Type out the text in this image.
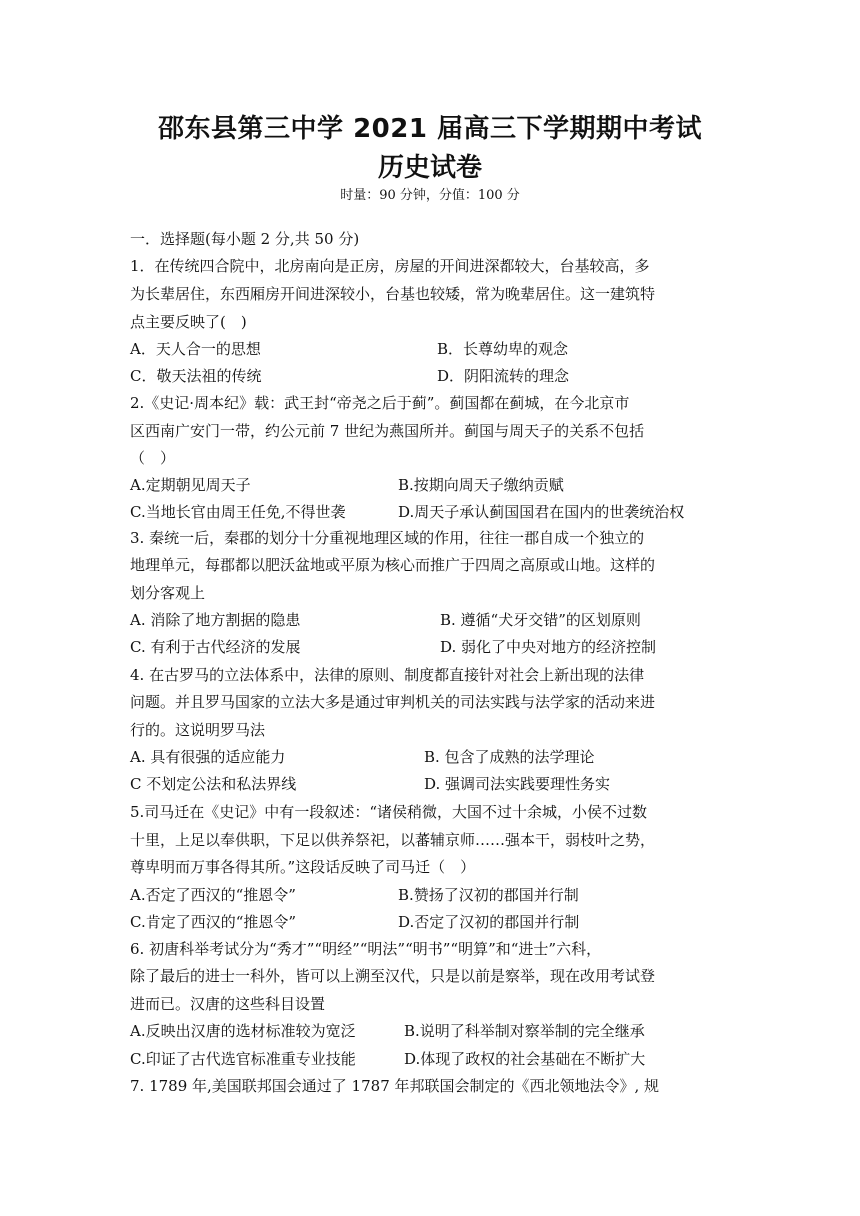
邵东县第三中学 2021 届高三下学期期中考试
历史试卷
时量：90 分钟，分值：100 分
一．选择题(每小题 2 分,共 50 分)
1．在传统四合院中，北房南向是正房，房屋的开间进深都较大，台基较高，多
为长辈居住，东西厢房开间进深较小，台基也较矮，常为晚辈居住。这一建筑特
点主要反映了(　)
A．天人合一的思想	B．长尊幼卑的观念
C．敬天法祖的传统	D．阴阳流转的理念
2.《史记·周本纪》载：武王封“帝尧之后于蓟”。蓟国都在蓟城，在今北京市
区西南广安门一带，约公元前 7 世纪为燕国所并。蓟国与周天子的关系不包括
（　）
A.定期朝见周天子	B.按期向周天子缴纳贡赋
C.当地长官由周王任免,不得世袭	D.周天子承认蓟国国君在国内的世袭统治权
3. 秦统一后，秦郡的划分十分重视地理区域的作用，往往一郡自成一个独立的
地理单元，每郡都以肥沃盆地或平原为核心而推广于四周之高原或山地。这样的
划分客观上
A. 消除了地方割据的隐患	B. 遵循“犬牙交错”的区划原则
C. 有利于古代经济的发展	D. 弱化了中央对地方的经济控制
4. 在古罗马的立法体系中，法律的原则、制度都直接针对社会上新出现的法律
问题。并且罗马国家的立法大多是通过审判机关的司法实践与法学家的活动来进
行的。这说明罗马法
A. 具有很强的适应能力	B. 包含了成熟的法学理论
C 不划定公法和私法界线	D. 强调司法实践要理性务实
5.司马迁在《史记》中有一段叙述：“诸侯稍微，大国不过十余城，小侯不过数
十里，上足以奉供职，下足以供养祭祀，以蕃辅京师……强本干，弱枝叶之势，
尊卑明而万事各得其所。”这段话反映了司马迁（　）
A.否定了西汉的“推恩令”	B.赞扬了汉初的郡国并行制
C.肯定了西汉的“推恩令”	D.否定了汉初的郡国并行制
6. 初唐科举考试分为“秀才”“明经”“明法”“明书”“明算”和“进士”六科，
除了最后的进士一科外，皆可以上溯至汉代，只是以前是察举，现在改用考试登
进而已。汉唐的这些科目设置
A.反映出汉唐的选材标准较为宽泛	B.说明了科举制对察举制的完全继承
C.印证了古代选官标准重专业技能	D.体现了政权的社会基础在不断扩大
7. 1789 年,美国联邦国会通过了 1787 年邦联国会制定的《西北领地法令》, 规
